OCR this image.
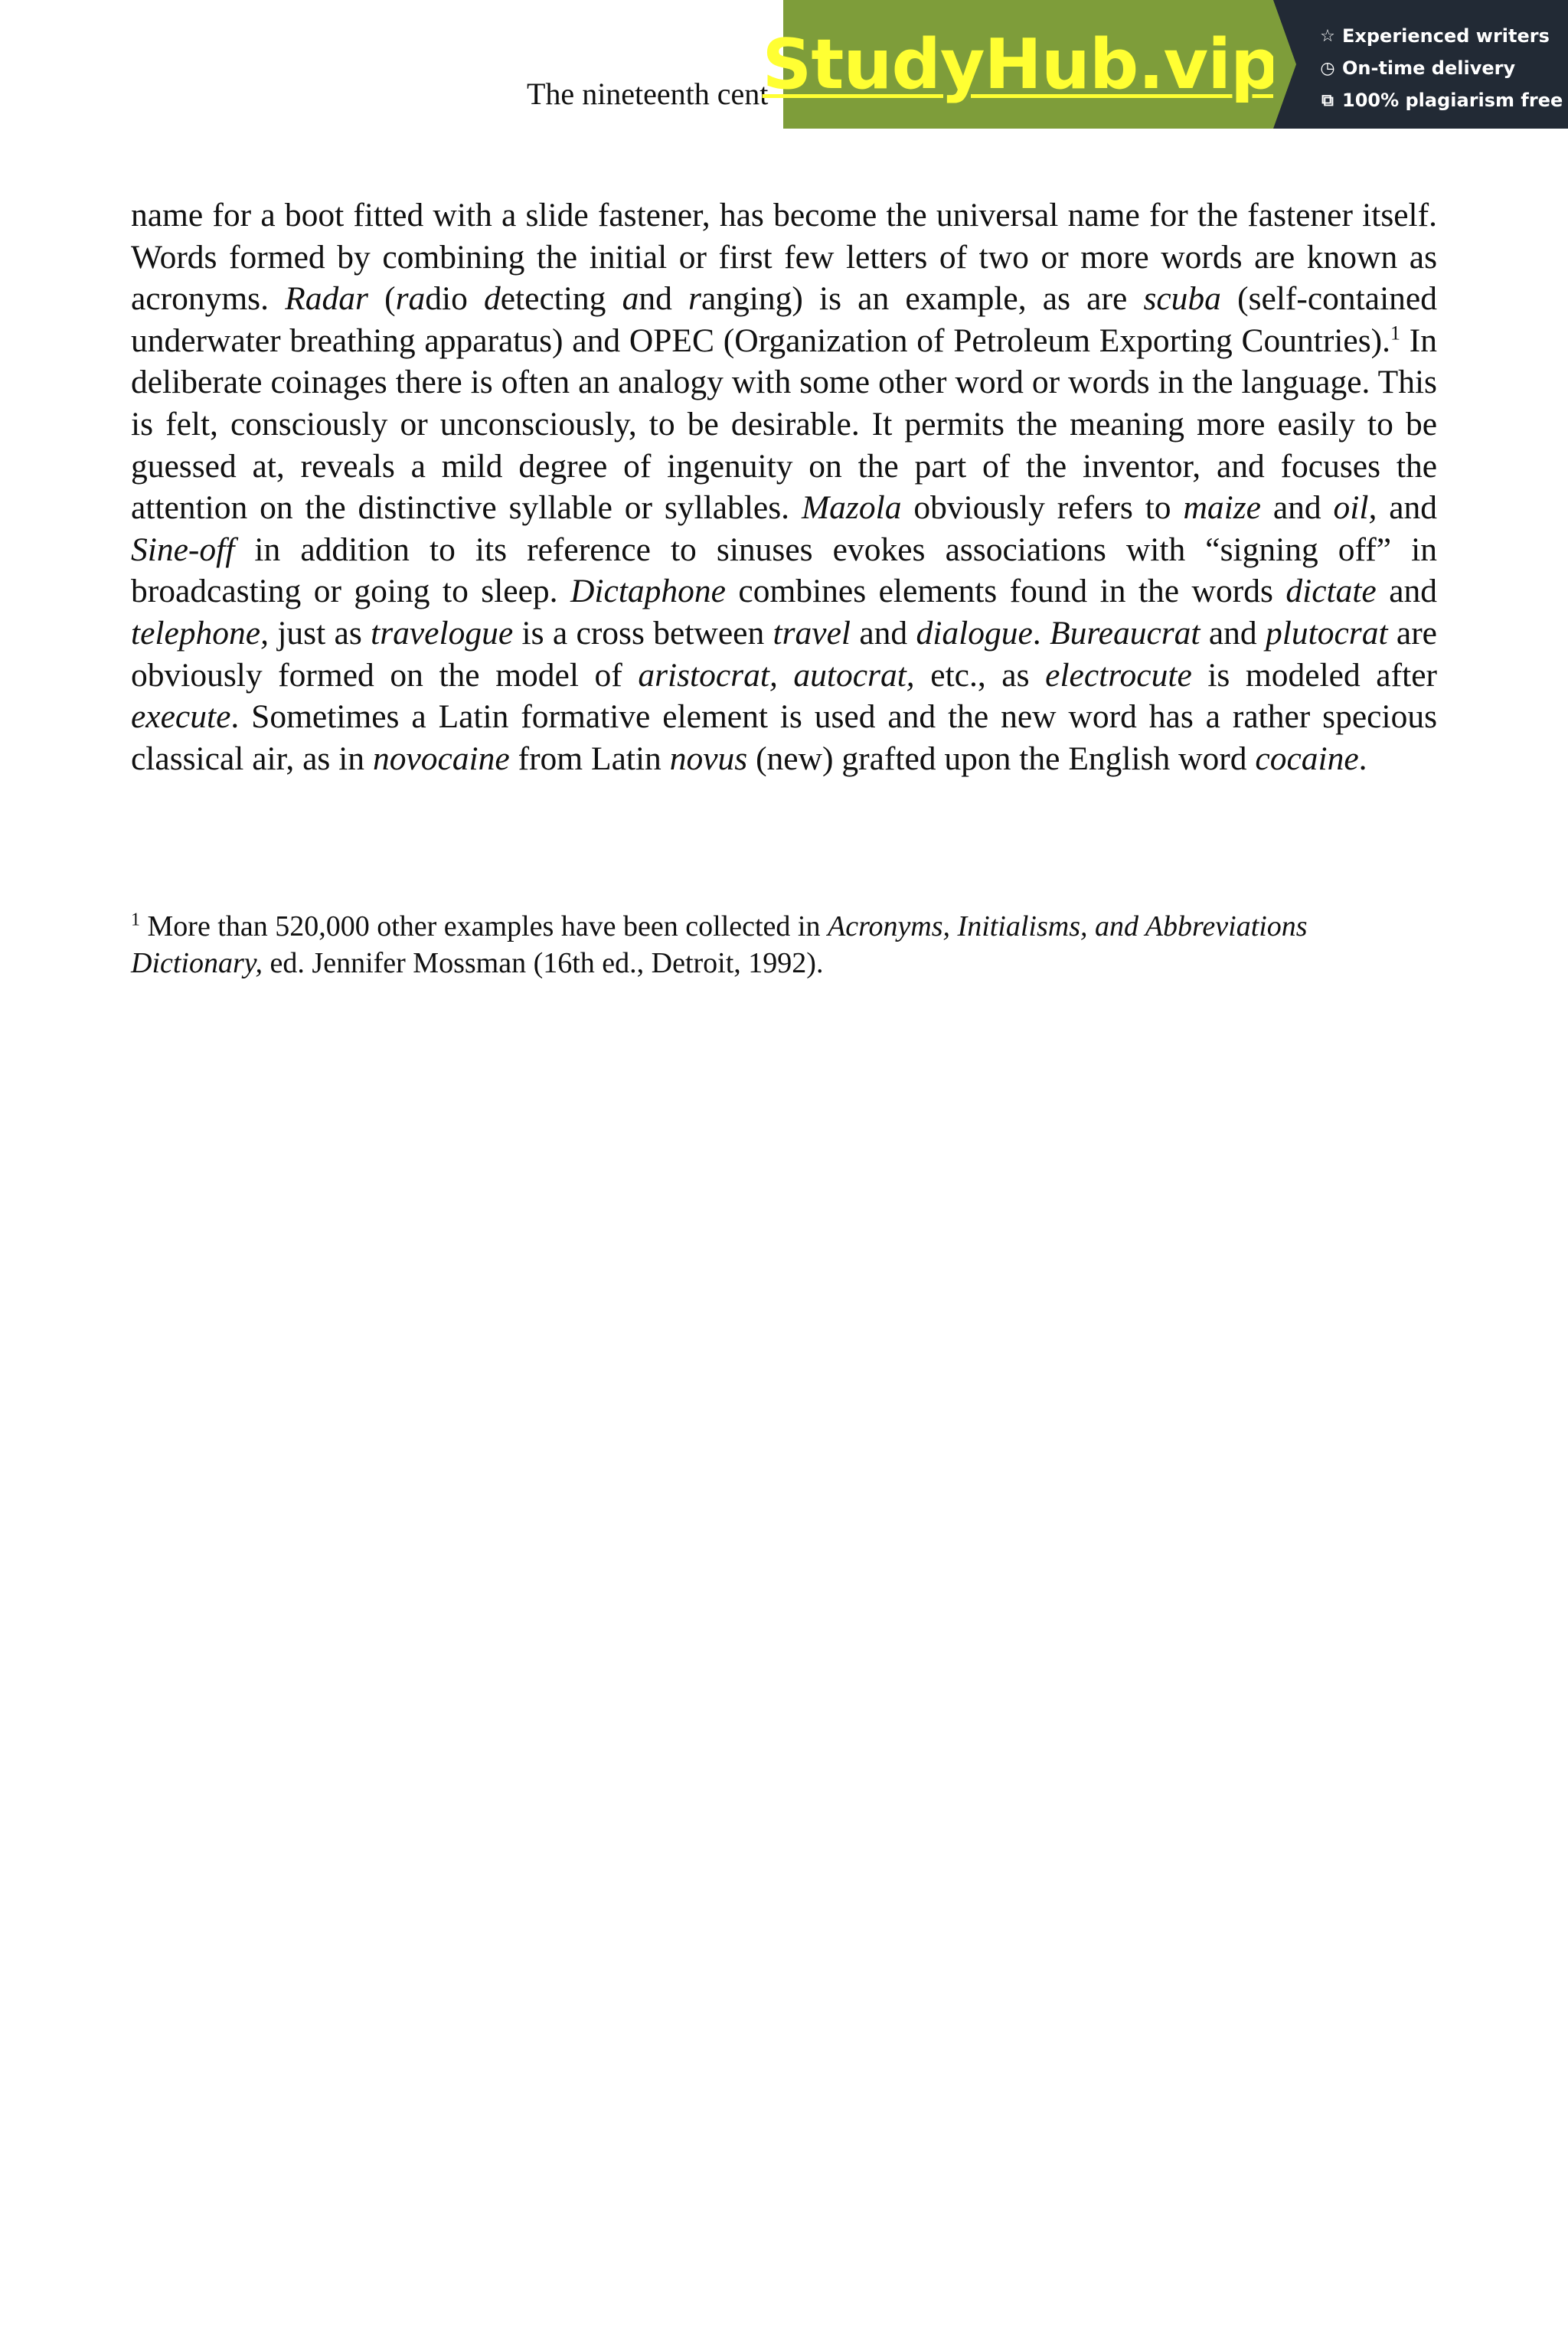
The nineteenth cent
StudyHub.vip ☆ Experienced writers
◷ On-time delivery
⧉ 100% plagiarism free

name for a boot fitted with a slide fastener, has become the universal name for the fastener itself. Words formed by combining the initial or first few letters of two or more words are known as acronyms. Radar (radio detecting and ranging) is an example, as are scuba (self-contained underwater breathing apparatus) and OPEC (Organization of Petroleum Exporting Countries).$^1$ In deliberate coinages there is often an analogy with some other word or words in the language. This is felt, consciously or unconsciously, to be desirable. It permits the meaning more easily to be guessed at, reveals a mild degree of ingenuity on the part of the inventor, and focuses the attention on the distinctive syllable or syllables. Mazola obviously refers to maize and oil, and Sine-off in addition to its reference to sinuses evokes associations with “signing off” in broadcasting or going to sleep. Dictaphone combines elements found in the words dictate and telephone, just as travelogue is a cross between travel and dialogue. Bureaucrat and plutocrat are obviously formed on the model of aristocrat, autocrat, etc., as electrocute is modeled after execute. Sometimes a Latin formative element is used and the new word has a rather specious classical air, as in novocaine from Latin novus (new) grafted upon the English word cocaine.

$^1$ More than 520,000 other examples have been collected in Acronyms, Initialisms, and Abbreviations Dictionary, ed. Jennifer Mossman (16th ed., Detroit, 1992).
